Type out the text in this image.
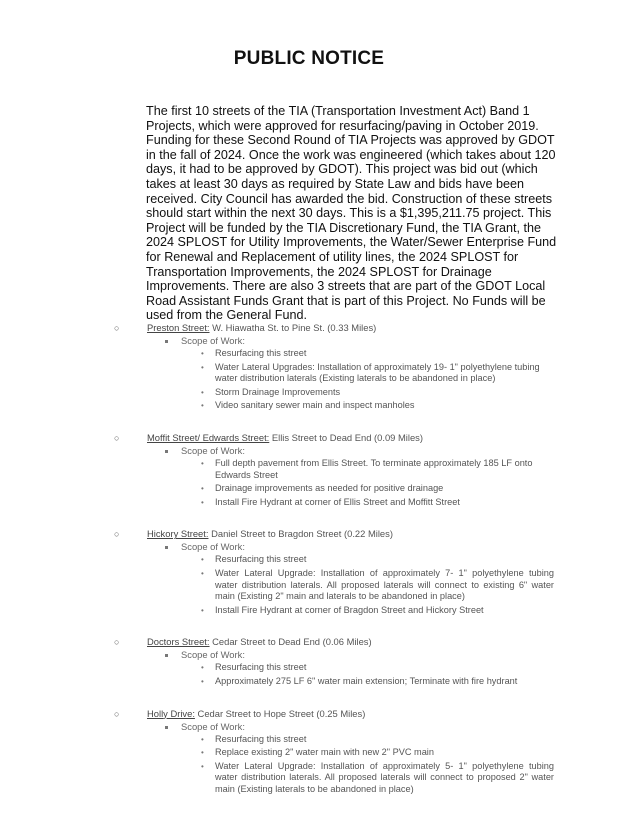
PUBLIC NOTICE
The first 10 streets of the TIA (Transportation Investment Act) Band 1 Projects, which were approved for resurfacing/paving in October 2019. Funding for these Second Round of TIA Projects was approved by GDOT in the fall of 2024. Once the work was engineered (which takes about 120 days, it had to be approved by GDOT). This project was bid out (which takes at least 30 days as required by State Law and bids have been received. City Council has awarded the bid. Construction of these streets should start within the next 30 days. This is a $1,395,211.75 project. This Project will be funded by the TIA Discretionary Fund, the TIA Grant, the 2024 SPLOST for Utility Improvements, the Water/Sewer Enterprise Fund for Renewal and Replacement of utility lines, the 2024 SPLOST for Transportation Improvements, the 2024 SPLOST for Drainage Improvements. There are also 3 streets that are part of the GDOT Local Road Assistant Funds Grant that is part of this Project. No Funds will be used from the General Fund.
○	Preston Street: W. Hiawatha St. to Pine St. (0.33 Miles)
Scope of Work:
• Resurfacing this street
• Water Lateral Upgrades: Installation of approximately 19- 1" polyethylene tubing water distribution laterals (Existing laterals to be abandoned in place)
• Storm Drainage Improvements
• Video sanitary sewer main and inspect manholes
○	Moffit Street/ Edwards Street: Ellis Street to Dead End (0.09 Miles)
Scope of Work:
• Full depth pavement from Ellis Street. To terminate approximately 185 LF onto Edwards Street
• Drainage improvements as needed for positive drainage
• Install Fire Hydrant at corner of Ellis Street and Moffitt Street
○	Hickory Street: Daniel Street to Bragdon Street (0.22 Miles)
Scope of Work:
• Resurfacing this street
• Water Lateral Upgrade: Installation of approximately 7- 1" polyethylene tubing water distribution laterals. All proposed laterals will connect to existing 6" water main (Existing 2" main and laterals to be abandoned in place)
• Install Fire Hydrant at corner of Bragdon Street and Hickory Street
○	Doctors Street: Cedar Street to Dead End (0.06 Miles)
Scope of Work:
• Resurfacing this street
• Approximately 275 LF 6" water main extension; Terminate with fire hydrant
○	Holly Drive: Cedar Street to Hope Street (0.25 Miles)
Scope of Work:
• Resurfacing this street
• Replace existing 2" water main with new 2" PVC main
• Water Lateral Upgrade: Installation of approximately 5- 1" polyethylene tubing water distribution laterals. All proposed laterals will connect to proposed 2" water main (Existing laterals to be abandoned in place)
